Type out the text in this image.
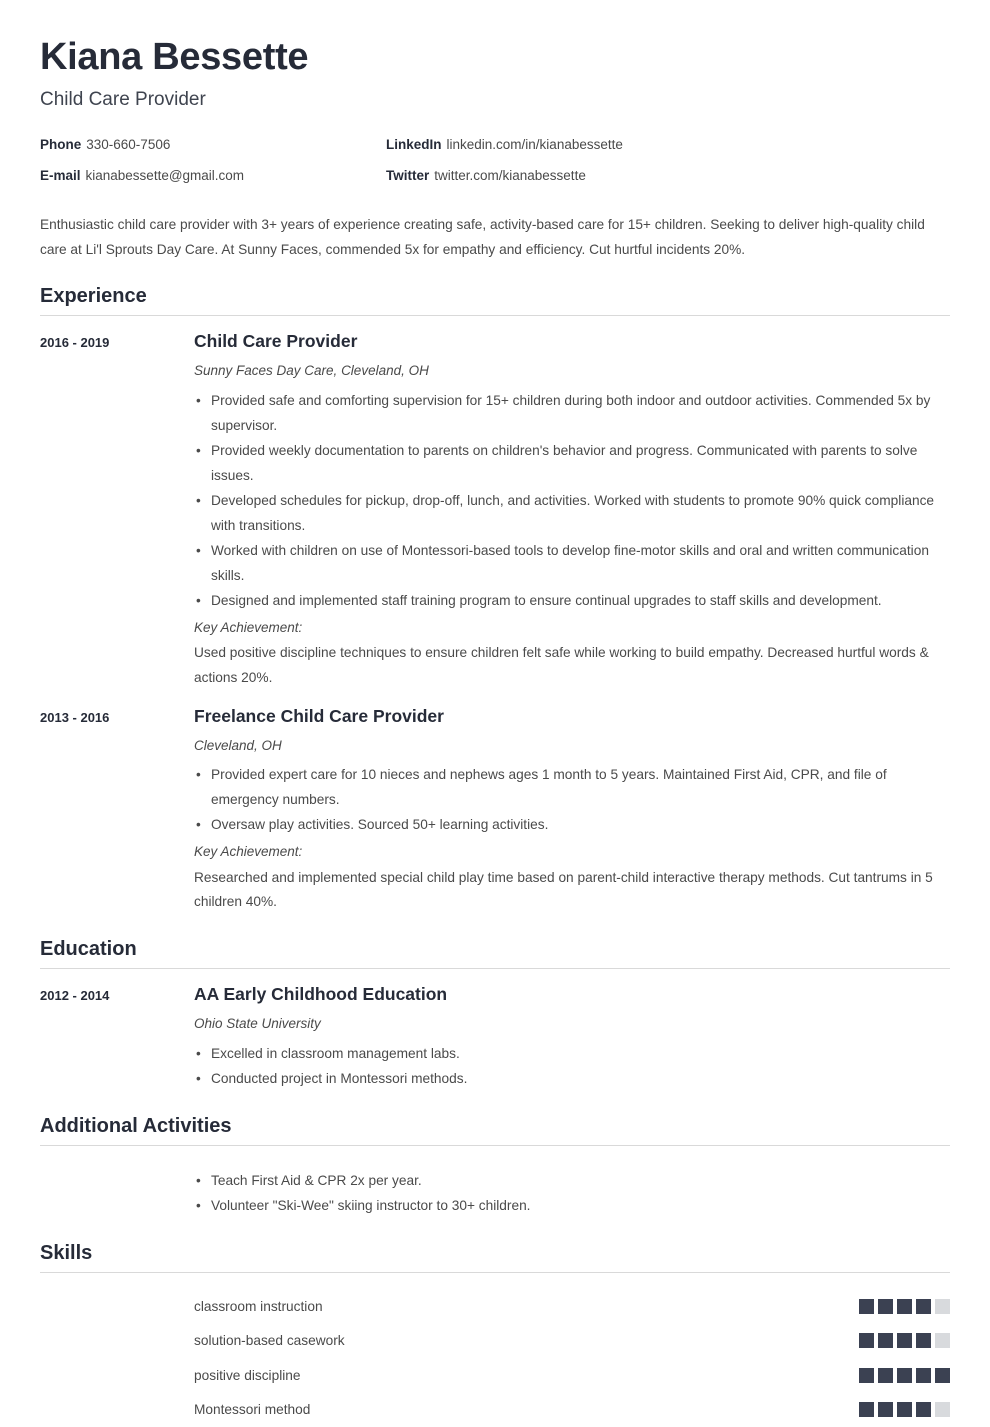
Kiana Bessette
Child Care Provider
Phone 330-660-7506	LinkedIn linkedin.com/in/kianabessette
E-mail kianabessette@gmail.com	Twitter twitter.com/kianabessette

Enthusiastic child care provider with 3+ years of experience creating safe, activity-based care for 15+ children. Seeking to deliver high-quality child care at Li'l Sprouts Day Care. At Sunny Faces, commended 5x for empathy and efficiency. Cut hurtful incidents 20%.

Experience
2016 - 2019	Child Care Provider
Sunny Faces Day Care, Cleveland, OH
• Provided safe and comforting supervision for 15+ children during both indoor and outdoor activities. Commended 5x by supervisor.
• Provided weekly documentation to parents on children's behavior and progress. Communicated with parents to solve issues.
• Developed schedules for pickup, drop-off, lunch, and activities. Worked with students to promote 90% quick compliance with transitions.
• Worked with children on use of Montessori-based tools to develop fine-motor skills and oral and written communication skills.
• Designed and implemented staff training program to ensure continual upgrades to staff skills and development.
Key Achievement:
Used positive discipline techniques to ensure children felt safe while working to build empathy. Decreased hurtful words & actions 20%.
2013 - 2016	Freelance Child Care Provider
Cleveland, OH
• Provided expert care for 10 nieces and nephews ages 1 month to 5 years. Maintained First Aid, CPR, and file of emergency numbers.
• Oversaw play activities. Sourced 50+ learning activities.
Key Achievement:
Researched and implemented special child play time based on parent-child interactive therapy methods. Cut tantrums in 5 children 40%.
Education
2012 - 2014	AA Early Childhood Education
Ohio State University
• Excelled in classroom management labs.
• Conducted project in Montessori methods.
Additional Activities
• Teach First Aid & CPR 2x per year.
• Volunteer "Ski-Wee" skiing instructor to 30+ children.
Skills
classroom instruction
solution-based casework
positive discipline
Montessori method
